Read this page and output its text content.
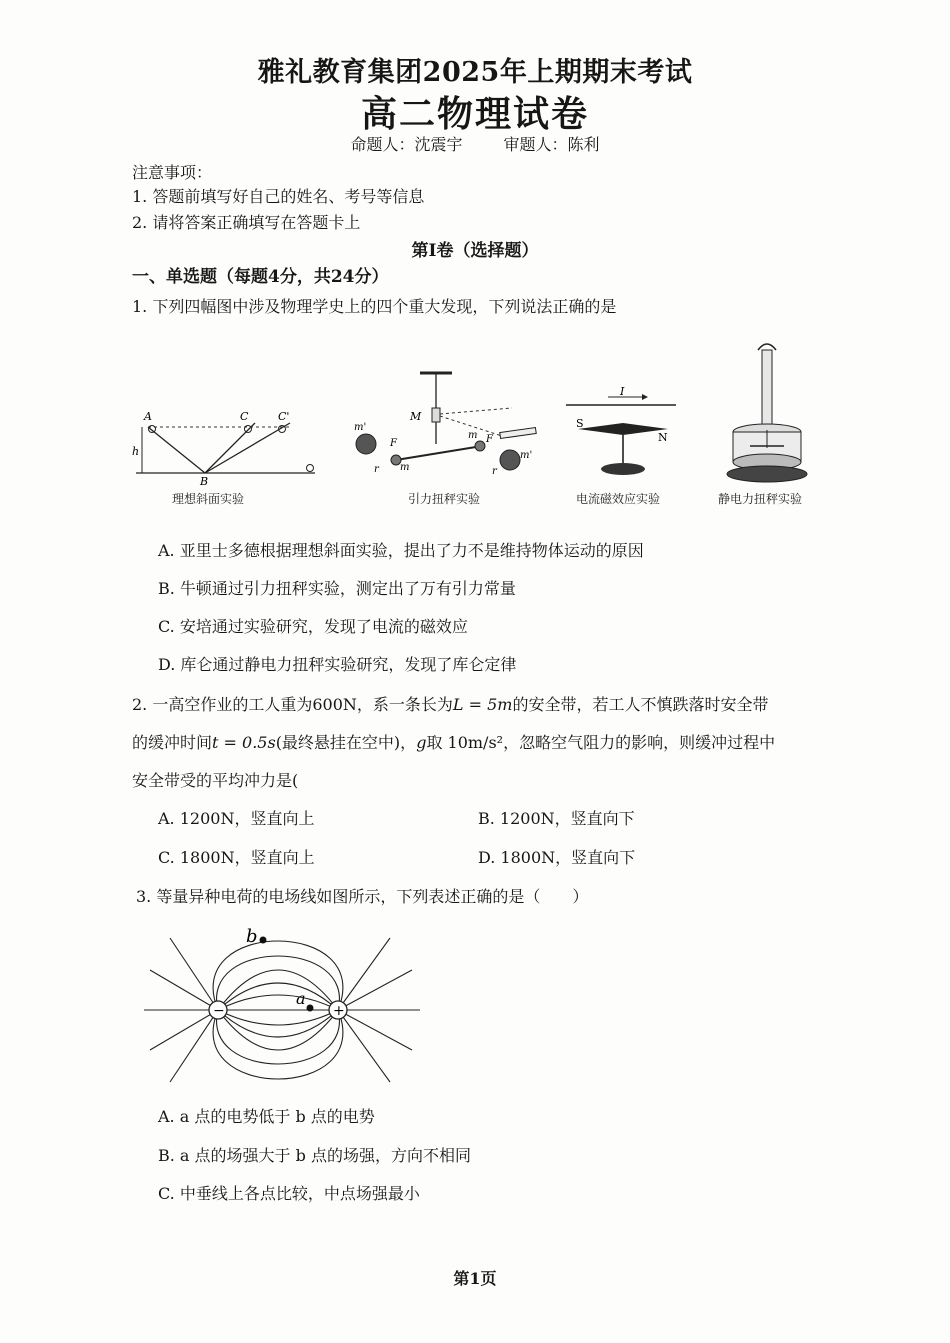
雅礼教育集团2025年上期期末考试
高二物理试卷
命题人：沈震宇	审题人：陈利
注意事项：
1. 答题前填写好自己的姓名、考号等信息
2. 请将答案正确填写在答题卡上
第Ⅰ卷（选择题）
一、单选题（每题4分，共24分）
1. 下列四幅图中涉及物理学史上的四个重大发现，下列说法正确的是
A	C	C'
h
B
理想斜面实验
M
m'
m
m
m'
F	F
r	r
引力扭秤实验
I
S
N
电流磁效应实验	静电力扭秤实验
A. 亚里士多德根据理想斜面实验，提出了力不是维持物体运动的原因
B. 牛顿通过引力扭秤实验，测定出了万有引力常量
C. 安培通过实验研究，发现了电流的磁效应
D. 库仑通过静电力扭秤实验研究，发现了库仑定律
2. 一高空作业的工人重为600N，系一条长为L = 5m的安全带，若工人不慎跌落时安全带
的缓冲时间t = 0.5s(最终悬挂在空中)，g取 10m/s²，忽略空气阻力的影响，则缓冲过程中
安全带受的平均冲力是(
A. 1200N，竖直向上	B. 1200N，竖直向下
C. 1800N，竖直向上	D. 1800N，竖直向下
3. 等量异种电荷的电场线如图所示，下列表述正确的是（　　）
−	+
a
b
A. a 点的电势低于 b 点的电势
B. a 点的场强大于 b 点的场强，方向不相同
C. 中垂线上各点比较，中点场强最小
第1页
